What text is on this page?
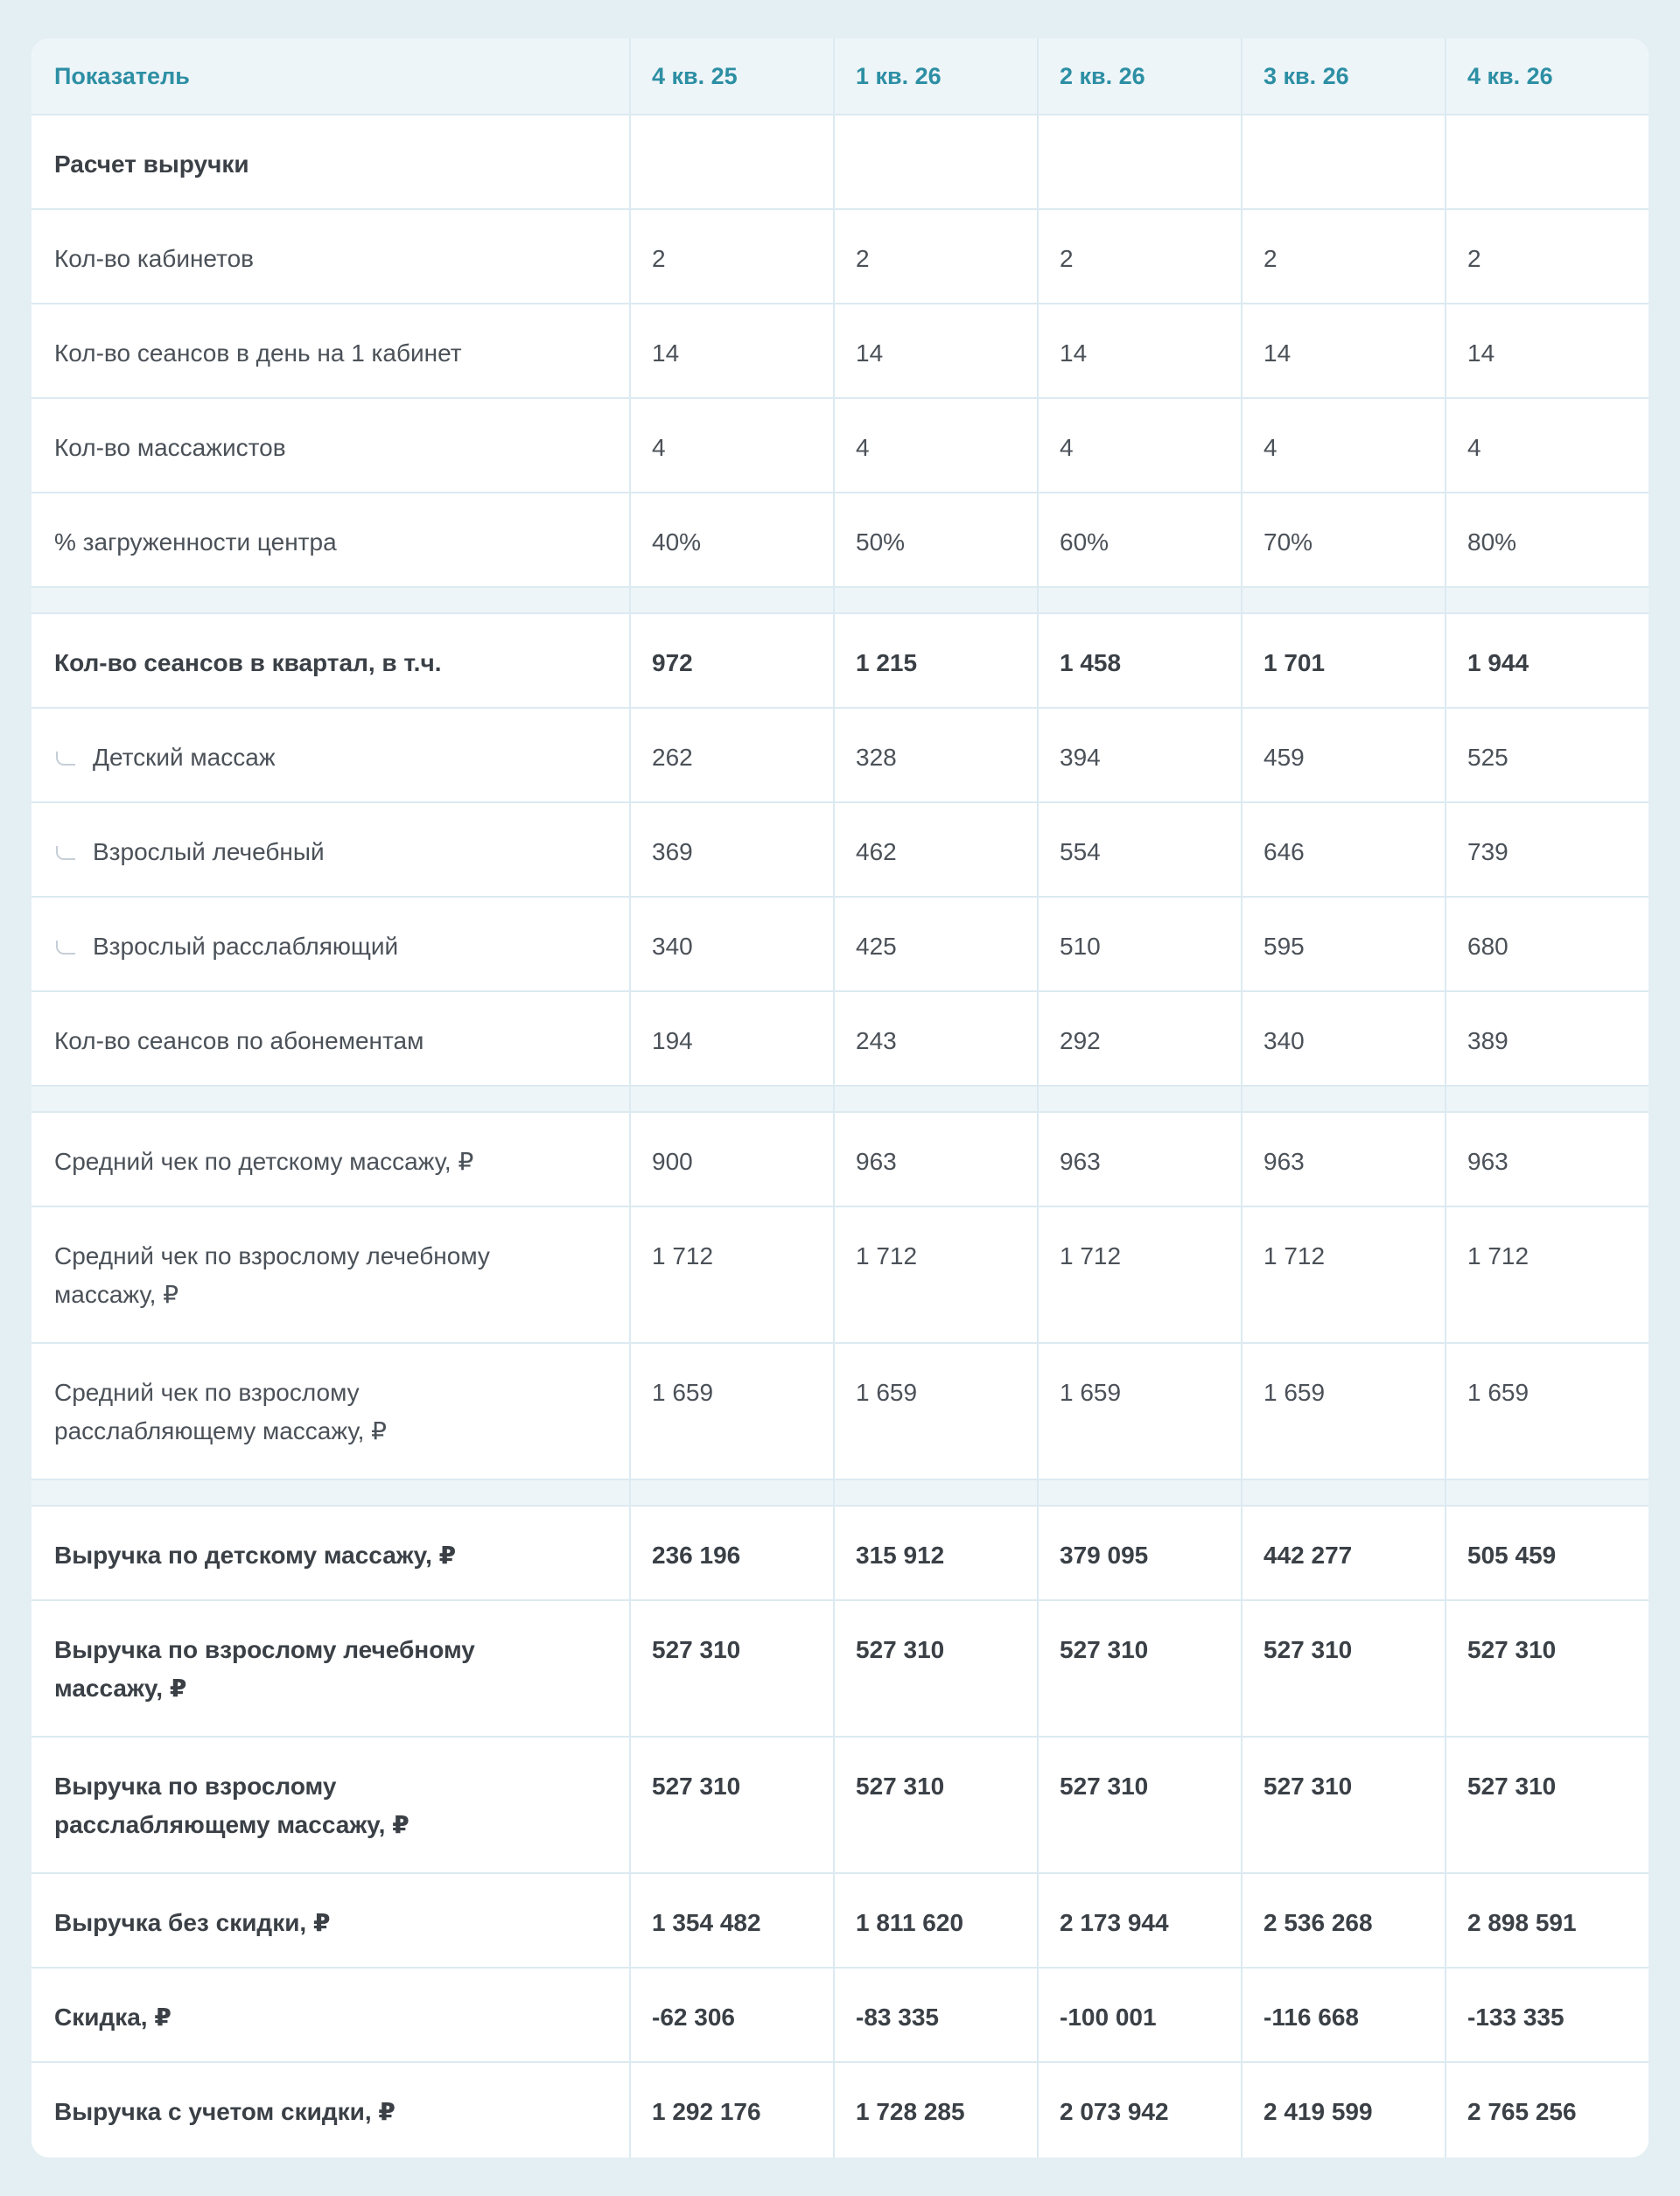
Показатель	4 кв. 25	1 кв. 26	2 кв. 26	3 кв. 26	4 кв. 26
Расчет выручки					
Кол-во кабинетов	2	2	2	2	2
Кол-во сеансов в день на 1 кабинет	14	14	14	14	14
Кол-во массажистов	4	4	4	4	4
% загруженности центра	40%	50%	60%	70%	80%

Кол-во сеансов в квартал, в т.ч.	972	1 215	1 458	1 701	1 944
Детский массаж	262	328	394	459	525
Взрослый лечебный	369	462	554	646	739
Взрослый расслабляющий	340	425	510	595	680
Кол-во сеансов по абонементам	194	243	292	340	389

Средний чек по детскому массажу, ₽	900	963	963	963	963
Средний чек по взрослому лечебному массажу, ₽	1 712	1 712	1 712	1 712	1 712
Средний чек по взрослому расслабляющему массажу, ₽	1 659	1 659	1 659	1 659	1 659

Выручка по детскому массажу, ₽	236 196	315 912	379 095	442 277	505 459
Выручка по взрослому лечебному массажу, ₽	527 310	527 310	527 310	527 310	527 310
Выручка по взрослому расслабляющему массажу, ₽	527 310	527 310	527 310	527 310	527 310
Выручка без скидки, ₽	1 354 482	1 811 620	2 173 944	2 536 268	2 898 591
Скидка, ₽	-62 306	-83 335	-100 001	-116 668	-133 335
Выручка с учетом скидки, ₽	1 292 176	1 728 285	2 073 942	2 419 599	2 765 256
